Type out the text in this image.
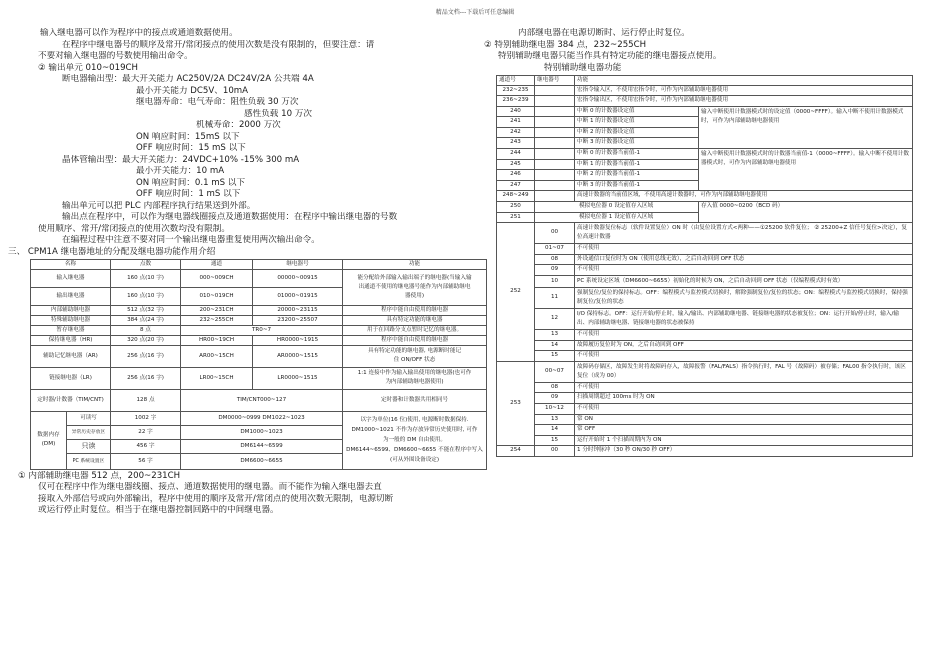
精品文档---下载后可任意编辑
输入继电器可以作为程序中的接点或通道数据使用。
在程序中继电器号的顺序及常开/常闭接点的使用次数是没有限制的，但要注意：请
不要对输入继电器的号数使用输出命令。
② 输出单元 010~019CH
断电器输出型：最大开关能力 AC250V/2A DC24V/2A 公共端 4A
最小开关能力 DC5V、10mA
继电器寿命：电气寿命：阻性负载 30 万次
感性负载 10 万次
机械寿命：2000 万次
ON 响应时间：15mS 以下
OFF 响应时间：15 mS 以下
晶体管输出型：最大开关能力：24VDC+10% -15% 300 mA
最小开关能力：10 mA
ON 响应时间：0.1 mS 以下
OFF 响应时间：1 mS 以下
输出单元可以把 PLC 内部程序执行结果送到外部。
输出点在程序中，可以作为继电器线圈接点及通道数据使用：在程序中输出继电器的号数
使用顺序、常开/常闭接点的使用次数均没有限制。
在编程过程中注意不要对同一个输出继电器重复使用两次输出命令。
三、 CPM1A 继电器地址的分配及继电器功能作用介绍
名称		点数	通道	继电器号	功能
输入继电器		160 点(10 字)	000~009CH	00000~00915	能分配给外部输入输出端子的继电器(当输入输
出通道不使用的继电器号能作为内部辅助继电
器使用)

输出继电器		160 点(10 字)	010~019CH	01000~01915	
内部辅助继电器		512 点(32 字)	200~231CH	20000~23115	程序中能自由使用的继电器
特殊辅助继电器		384 点(24 字)	232~255CH	23200~25507	具有特定功能的继电器
暂存继电器		8 点	TR0~7		用于在回路分支点暂时记忆的继电器。
保持继电器（HR)		320 点(20 字)	HR00~19CH	HR0000~1915	程序中能自由使用的继电器
辅助记忆继电器（AR)		256 点(16 字)	AR00~15CH	AR0000~1515	具有特定功能的继电器, 电源断时能记
住 ON/OFF 状态

链接继电器（LR)		256 点(16 字)	LR00~15CH	LR0000~1515	1:1 连接中作为输入输出使用的继电器(也可作
为内部辅助继电器使用)

定时器/计数器（TIM/CNT)		128 点	TIM/CNT000~127		定时器和计数器共用相同号
数据内存(DM)	可读写	1002 字	DM0000~0999 DM1022~1023		以字为单位(16 位)使用, 电源断时数据保持.
DM1000~1021 不作为存放异常历史使用时, 可作
为一般的 DM 自由使用。
DM6144~6599、DM6600~6655 不能在程序中写入
(可从外围设备设定)

	异常历史存放区	22 字	DM1000~1023		
	只读	456 字	DM6144~6599		
	PC 系统设置区	56 字	DM6600~6655		
① 内部辅助继电器 512 点，200~231CH
仅可在程序中作为继电器线圈、接点、通道数据使用的继电器。而不能作为输入继电器去直
接取入外部信号或向外部输出，程序中使用的顺序及常开/常闭点的使用次数无限制，电源切断
或运行停止时复位。相当于在继电器控制回路中的中间继电器。
内部继电器在电源切断时、运行停止时复位。
② 特别辅助继电器 384 点，232~255CH
特别辅助继电器只能当作具有特定功能的继电器接点使用。
特别辅助继电器功能
通道号	继电器号	功能	
232~235		宏指令输入区，不使用宏指令时，可作为内部辅助继电器使用	
236~239		宏指令输出区，不使用宏指令时，可作为内部辅助继电器使用	
240		中断 0 的计数器设定值	输入中断使用计数器模式时的设定值（0000~FFFF）。输入中断不使用计数器模式时，可作为内部辅助继电器使用
241		中断 1 的计数器设定值	
242		中断 2 的计数器设定值	
243		中断 3 的计数器设定值	
244		中断 0 的计数器当前值-1	输入中断使用计数器模式时的计数器当前值-1（0000~FFFF）。输入中断不使用计数器模式时，可作为内部辅助继电器使用
245		中断 1 的计数器当前值-1	
246		中断 2 的计数器当前值-1	
247		中断 3 的计数器当前值-1	
248~249		高速计数器的当前值区域，不使用高速计数器时，可作为内部辅助继电器使用	
250	模拟电位器 0 设定值存入区域		存入值 0000~0200（BCD 码）
251	模拟电位器 1 设定值存入区域		
252	00	高速计数器复位标志（软件设置复位）ON 时（由复位设置方式<两种——①25200 软件复位； ② 25200+Z 信任号复位>决定），复位高速计数器	
	01~07	不可使用	
	08	外设通信口复位时为 ON（使用总线无效），之后自动回到 OFF 状态	
	09	不可使用	
	10	PC 系统设定区域（DM6600~6655）初始化的时候为 ON，之后自动回到 OFF 状态（仅编程模式时有效）	
	11	强制复位/复位的保持标志。OFF：编程模式与监控模式切换时，解除强制复位/复位的状态；ON：编程模式与监控模式切换时，保持强制复位/复位的状态	
	12	I/O 保持标志。OFF：运行开始/停止时，输入/输出、内部辅助继电器、链接继电器的状态被复位；ON：运行开始/停止时，输入/输出、内部辅助继电器、链接继电器的状态被保持	
	13	不可使用	
	14	故障履历复位时为 ON，之后自动回到 OFF	
	15	不可使用	
253	00~07	故障码存储区，故障发生时将故障码存入，故障报警（FAL/FALS）指令执行时，FAL 号（故障码）被存储；FAL00 指令执行时，该区复位（成为 00）	
	08	不可使用	
	09	扫描周期超过 100ms 时为 ON	
	10~12	不可使用	
	13	常 ON	
	14	常 OFF	
	15	运行开始时 1 个扫描周期内为 ON	
254	00	1 分时钟脉冲（30 秒 ON/30 秒 OFF）	
